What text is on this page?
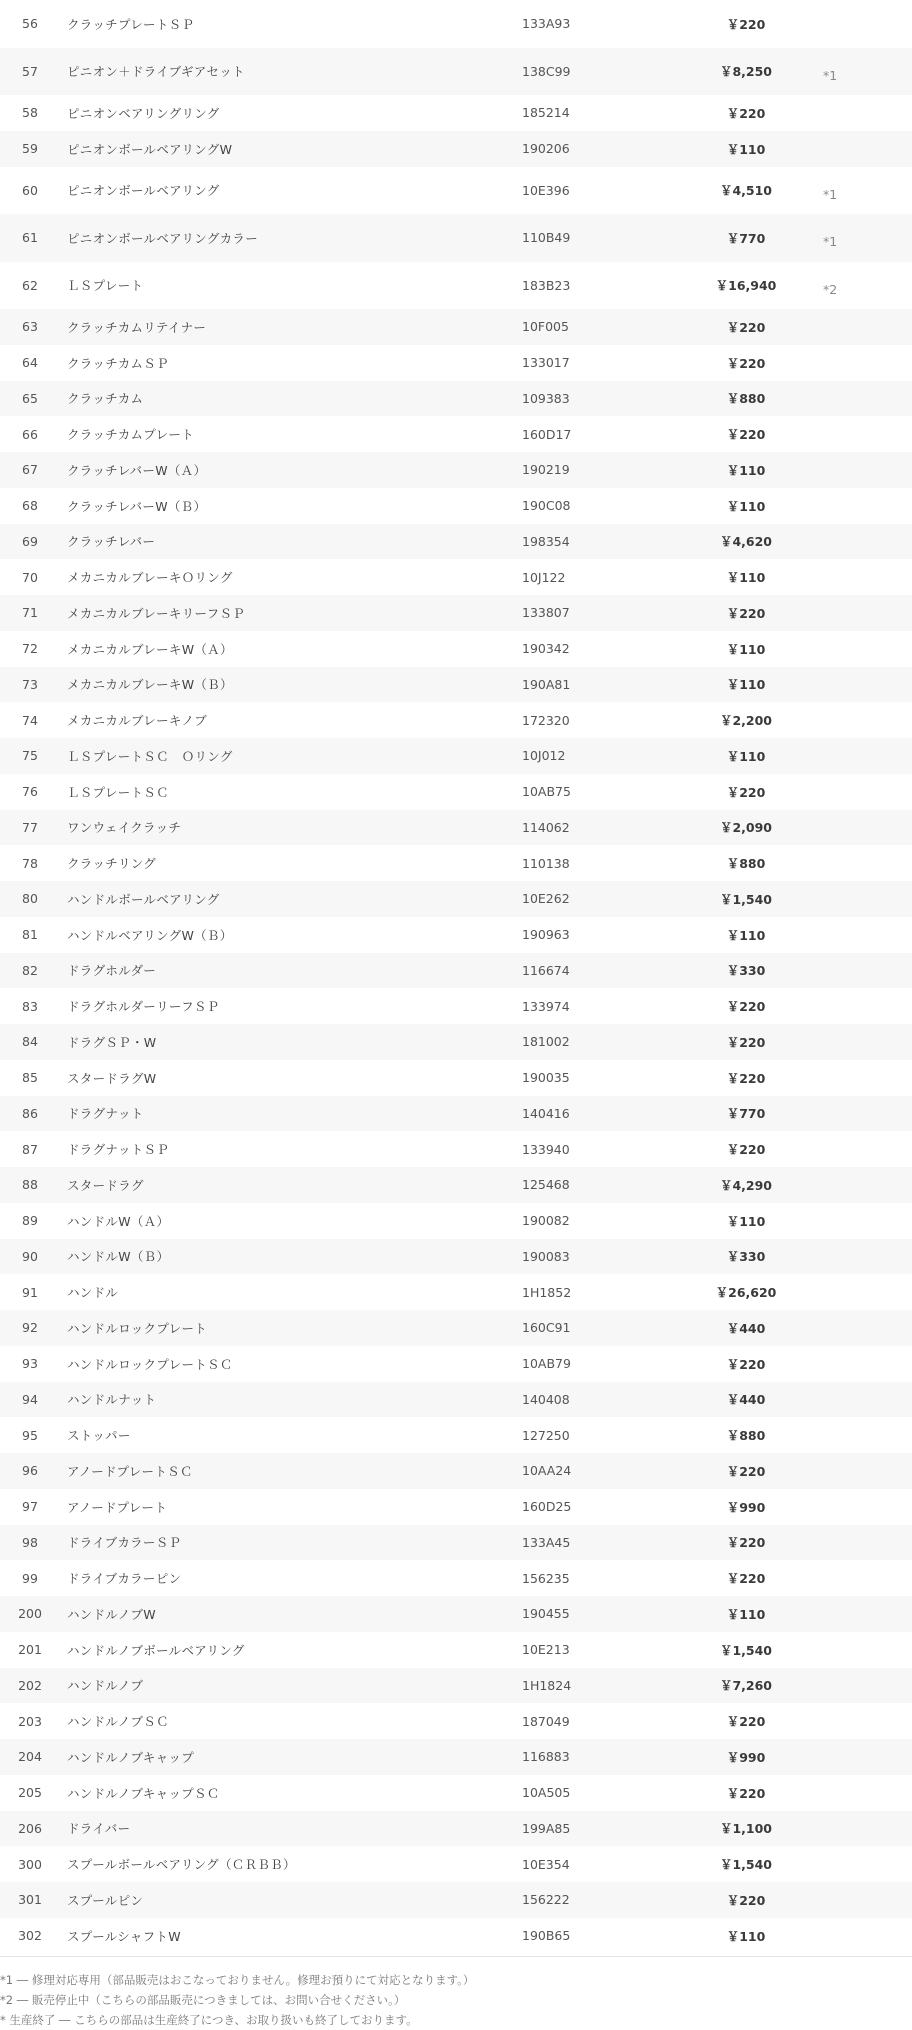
56	クラッチプレートＳＰ	133A93	￥220	
57	ピニオン＋ドライブギアセット	138C99	￥8,250	*1
58	ピニオンベアリングリング	185214	￥220	
59	ピニオンボールベアリングW	190206	￥110	
60	ピニオンボールベアリング	10E396	￥4,510	*1
61	ピニオンボールベアリングカラー	110B49	￥770	*1
62	ＬＳプレート	183B23	￥16,940	*2
63	クラッチカムリテイナー	10F005	￥220	
64	クラッチカムＳＰ	133017	￥220	
65	クラッチカム	109383	￥880	
66	クラッチカムプレート	160D17	￥220	
67	クラッチレバーW（Ａ）	190219	￥110	
68	クラッチレバーW（Ｂ）	190C08	￥110	
69	クラッチレバー	198354	￥4,620	
70	メカニカルブレーキＯリング	10J122	￥110	
71	メカニカルブレーキリーフＳＰ	133807	￥220	
72	メカニカルブレーキW（Ａ）	190342	￥110	
73	メカニカルブレーキW（Ｂ）	190A81	￥110	
74	メカニカルブレーキノブ	172320	￥2,200	
75	ＬＳプレートＳＣ　Ｏリング	10J012	￥110	
76	ＬＳプレートＳＣ	10AB75	￥220	
77	ワンウェイクラッチ	114062	￥2,090	
78	クラッチリング	110138	￥880	
80	ハンドルボールベアリング	10E262	￥1,540	
81	ハンドルベアリングW（Ｂ）	190963	￥110	
82	ドラグホルダー	116674	￥330	
83	ドラグホルダーリーフＳＰ	133974	￥220	
84	ドラグＳＰ・W	181002	￥220	
85	スタードラグW	190035	￥220	
86	ドラグナット	140416	￥770	
87	ドラグナットＳＰ	133940	￥220	
88	スタードラグ	125468	￥4,290	
89	ハンドルW（Ａ）	190082	￥110	
90	ハンドルW（Ｂ）	190083	￥330	
91	ハンドル	1H1852	￥26,620	
92	ハンドルロックプレート	160C91	￥440	
93	ハンドルロックプレートＳＣ	10AB79	￥220	
94	ハンドルナット	140408	￥440	
95	ストッパー	127250	￥880	
96	アノードプレートＳＣ	10AA24	￥220	
97	アノードプレート	160D25	￥990	
98	ドライブカラーＳＰ	133A45	￥220	
99	ドライブカラーピン	156235	￥220	
200	ハンドルノブW	190455	￥110	
201	ハンドルノブボールベアリング	10E213	￥1,540	
202	ハンドルノブ	1H1824	￥7,260	
203	ハンドルノブＳＣ	187049	￥220	
204	ハンドルノブキャップ	116883	￥990	
205	ハンドルノブキャップＳＣ	10A505	￥220	
206	ドライバー	199A85	￥1,100	
300	スプールボールベアリング（ＣＲＢＢ）	10E354	￥1,540	
301	スプールピン	156222	￥220	
302	スプールシャフトW	190B65	￥110	
*1 ― 修理対応専用（部品販売はおこなっておりません。修理お預りにて対応となります。）
*2 ― 販売停止中（こちらの部品販売につきましては、お問い合せください。）
* 生産終了 ― こちらの部品は生産終了につき、お取り扱いも終了しております。
